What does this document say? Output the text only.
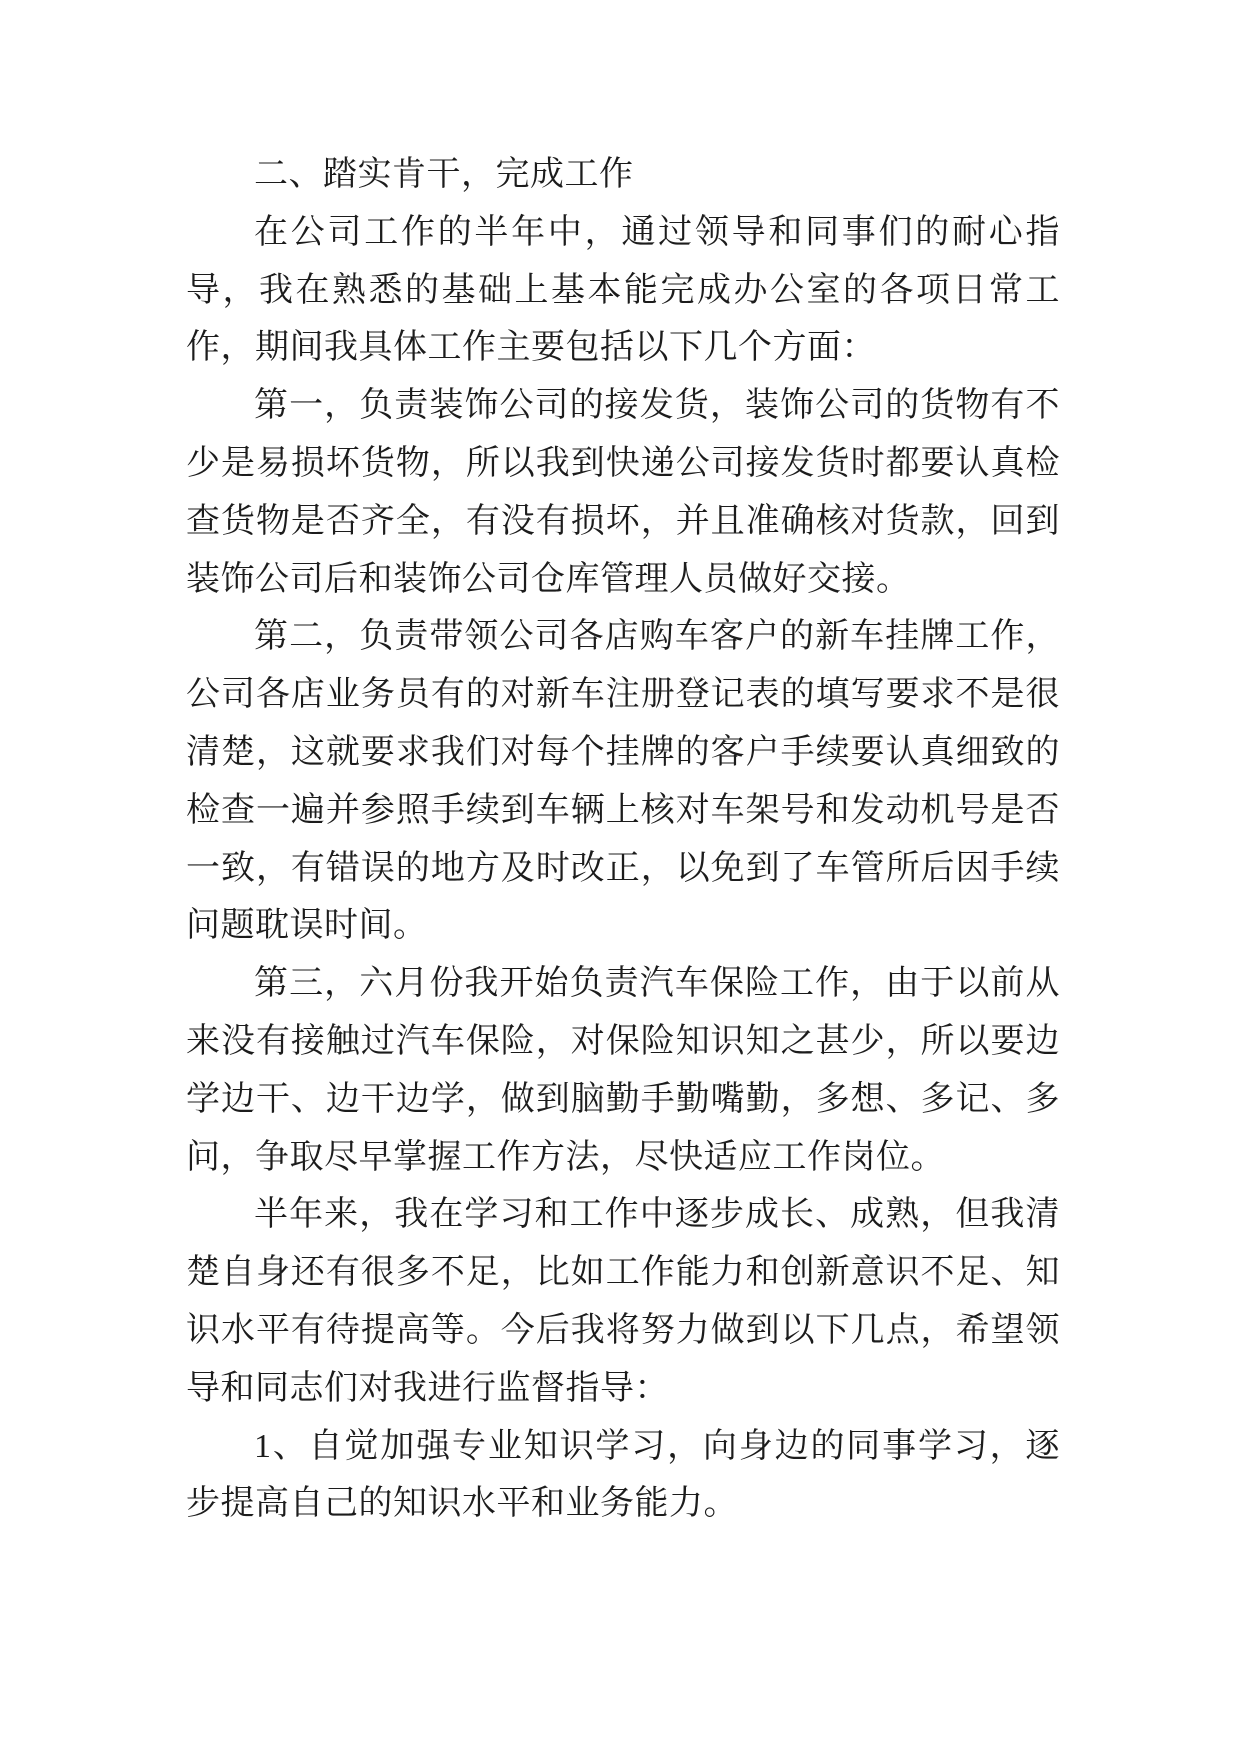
二、踏实肯干，完成工作

在公司工作的半年中，通过领导和同事们的耐心指导，我在熟悉的基础上基本能完成办公室的各项日常工作，期间我具体工作主要包括以下几个方面：

第一，负责装饰公司的接发货，装饰公司的货物有不少是易损坏货物，所以我到快递公司接发货时都要认真检查货物是否齐全，有没有损坏，并且准确核对货款，回到装饰公司后和装饰公司仓库管理人员做好交接。

第二，负责带领公司各店购车客户的新车挂牌工作，公司各店业务员有的对新车注册登记表的填写要求不是很清楚，这就要求我们对每个挂牌的客户手续要认真细致的检查一遍并参照手续到车辆上核对车架号和发动机号是否一致，有错误的地方及时改正，以免到了车管所后因手续问题耽误时间。

第三，六月份我开始负责汽车保险工作，由于以前从来没有接触过汽车保险，对保险知识知之甚少，所以要边学边干、边干边学，做到脑勤手勤嘴勤，多想、多记、多问，争取尽早掌握工作方法，尽快适应工作岗位。

半年来，我在学习和工作中逐步成长、成熟，但我清楚自身还有很多不足，比如工作能力和创新意识不足、知识水平有待提高等。今后我将努力做到以下几点，希望领导和同志们对我进行监督指导：

1、自觉加强专业知识学习，向身边的同事学习，逐步提高自己的知识水平和业务能力。
